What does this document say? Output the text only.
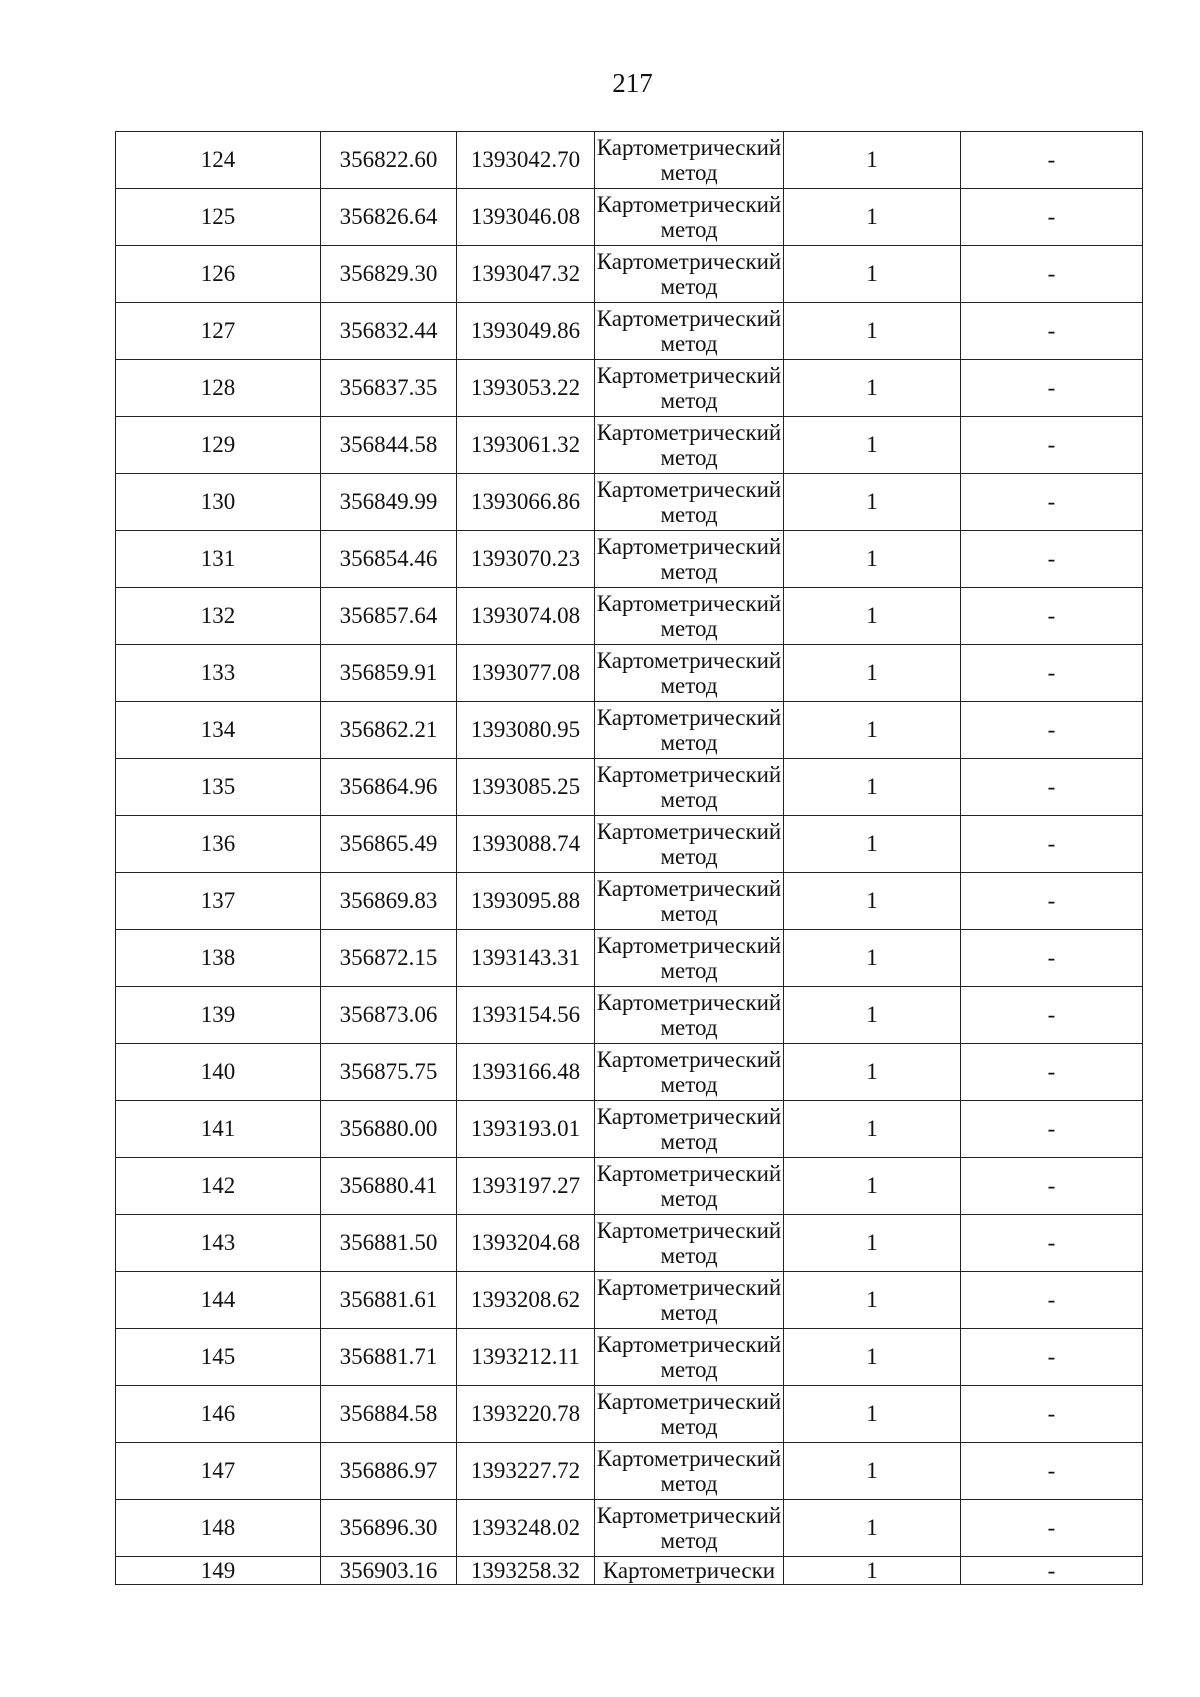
217
124	356822.60	1393042.70	Картометрически​й метод	1	-
125	356826.64	1393046.08	Картометрически​й метод	1	-
126	356829.30	1393047.32	Картометрически​й метод	1	-
127	356832.44	1393049.86	Картометрически​й метод	1	-
128	356837.35	1393053.22	Картометрически​й метод	1	-
129	356844.58	1393061.32	Картометрически​й метод	1	-
130	356849.99	1393066.86	Картометрически​й метод	1	-
131	356854.46	1393070.23	Картометрически​й метод	1	-
132	356857.64	1393074.08	Картометрически​й метод	1	-
133	356859.91	1393077.08	Картометрически​й метод	1	-
134	356862.21	1393080.95	Картометрически​й метод	1	-
135	356864.96	1393085.25	Картометрически​й метод	1	-
136	356865.49	1393088.74	Картометрически​й метод	1	-
137	356869.83	1393095.88	Картометрически​й метод	1	-
138	356872.15	1393143.31	Картометрически​й метод	1	-
139	356873.06	1393154.56	Картометрически​й метод	1	-
140	356875.75	1393166.48	Картометрически​й метод	1	-
141	356880.00	1393193.01	Картометрически​й метод	1	-
142	356880.41	1393197.27	Картометрически​й метод	1	-
143	356881.50	1393204.68	Картометрически​й метод	1	-
144	356881.61	1393208.62	Картометрически​й метод	1	-
145	356881.71	1393212.11	Картометрически​й метод	1	-
146	356884.58	1393220.78	Картометрически​й метод	1	-
147	356886.97	1393227.72	Картометрически​й метод	1	-
148	356896.30	1393248.02	Картометрически​й метод	1	-
149	356903.16	1393258.32	Картометрически	1	-
